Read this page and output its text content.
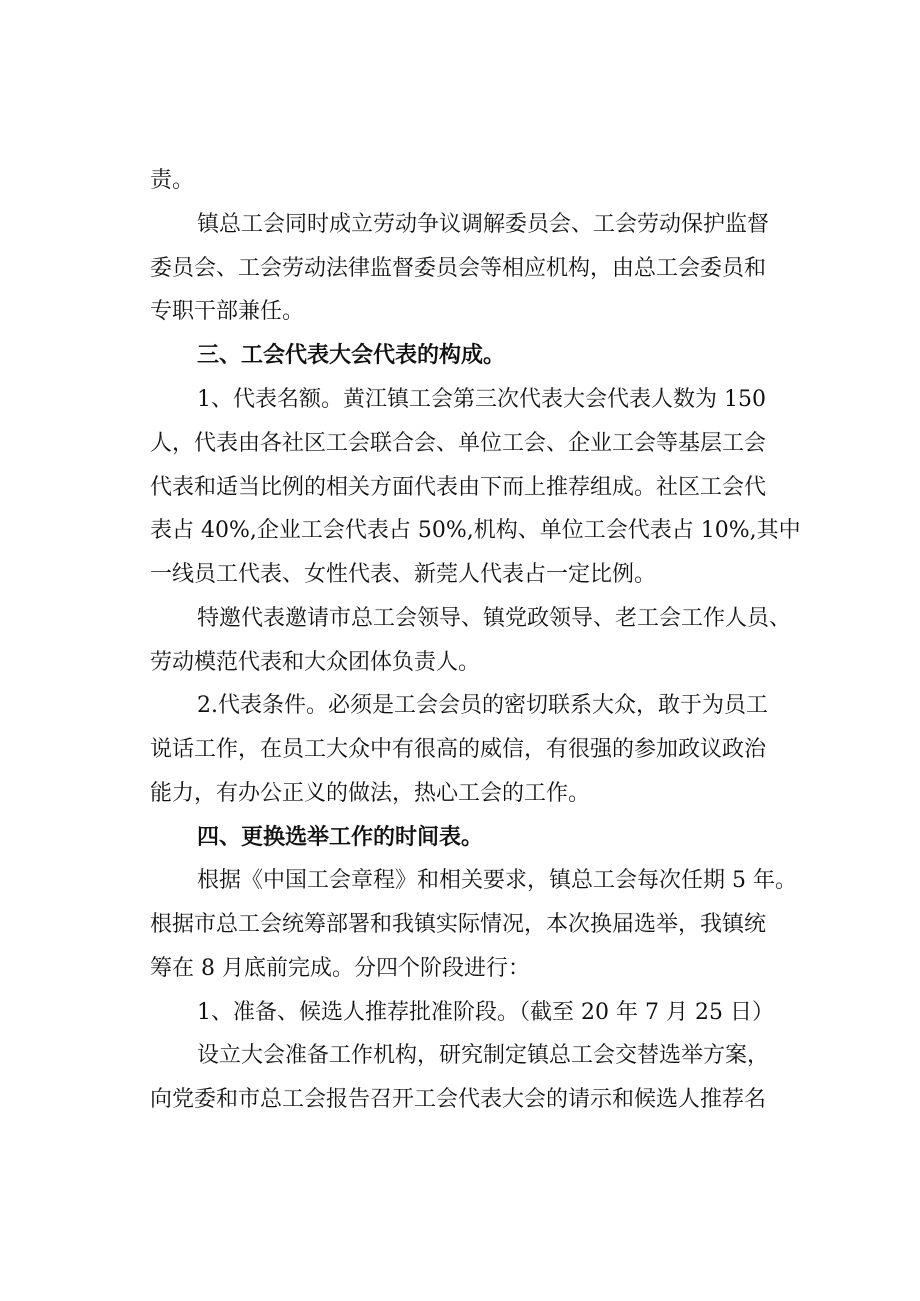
责。
镇总工会同时成立劳动争议调解委员会、工会劳动保护监督
委员会、工会劳动法律监督委员会等相应机构，由总工会委员和
专职干部兼任。
三、工会代表大会代表的构成。
1、代表名额。黄江镇工会第三次代表大会代表人数为 150
人，代表由各社区工会联合会、单位工会、企业工会等基层工会
代表和适当比例的相关方面代表由下而上推荐组成。社区工会代
表占 40%,企业工会代表占 50%,机构、单位工会代表占 10%,其中
一线员工代表、女性代表、新莞人代表占一定比例。
特邀代表邀请市总工会领导、镇党政领导、老工会工作人员、
劳动模范代表和大众团体负责人。
2.代表条件。必须是工会会员的密切联系大众，敢于为员工
说话工作，在员工大众中有很高的威信，有很强的参加政议政治
能力，有办公正义的做法，热心工会的工作。
四、更换选举工作的时间表。
根据《中国工会章程》和相关要求，镇总工会每次任期 5 年。
根据市总工会统筹部署和我镇实际情况，本次换届选举，我镇统
筹在 8 月底前完成。分四个阶段进行：
1、准备、候选人推荐批准阶段。（截至 20 年 7 月 25 日）
设立大会准备工作机构，研究制定镇总工会交替选举方案，
向党委和市总工会报告召开工会代表大会的请示和候选人推荐名
